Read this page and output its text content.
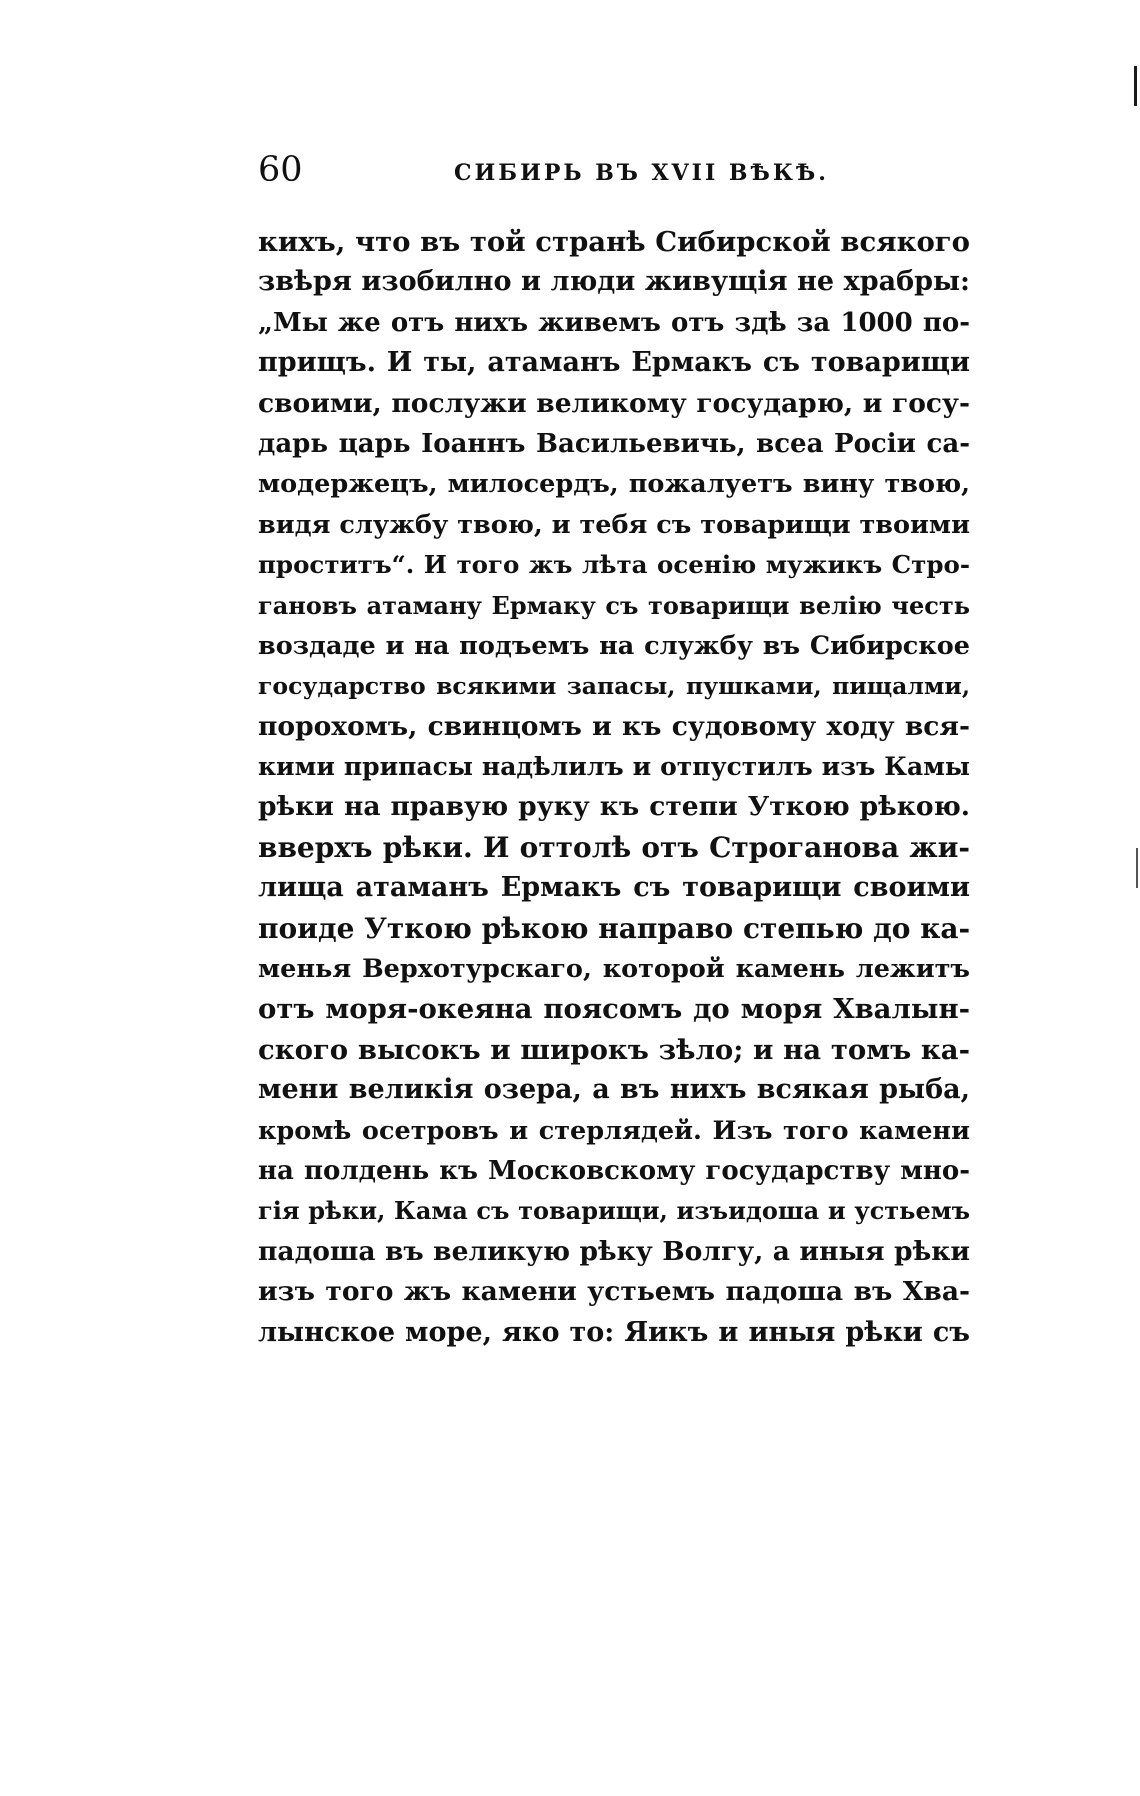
60	СИБИРЬ ВЪ XVII ВѢКѢ.
кихъ, что въ той странѣ Сибирской всякого
звѣря изобилно и люди живущія не храбры:
„Мы же отъ нихъ живемъ отъ здѣ за 1000 по-
прищъ. И ты, атаманъ Ермакъ съ товарищи
своими, послужи великому государю, и госу-
дарь царь Іоаннъ Васильевичь, всеа Росіи са-
модержецъ, милосердъ, пожалуетъ вину твою,
видя службу твою, и тебя съ товарищи твоими
проститъ“. И того жъ лѣта осенію мужикъ Стро-
гановъ атаману Ермаку съ товарищи велію честь
воздаде и на подъемъ на службу въ Сибирское
государство всякими запасы, пушками, пищалми,
порохомъ, свинцомъ и къ судовому ходу вся-
кими припасы надѣлилъ и отпустилъ изъ Камы
рѣки на правую руку къ степи Уткою рѣкою.
вверхъ рѣки. И оттолѣ отъ Строганова жи-
лища атаманъ Ермакъ съ товарищи своими
поиде Уткою рѣкою направо степью до ка-
менья Верхотурскаго, которой камень лежитъ
отъ моря-океяна поясомъ до моря Хвалын-
ского высокъ и широкъ зѣло; и на томъ ка-
мени великія озера, а въ нихъ всякая рыба,
кромѣ осетровъ и стерлядей. Изъ того камени
на полдень къ Московскому государству мно-
гія рѣки, Кама съ товарищи, изъидоша и устьемъ
падоша въ великую рѣку Волгу, а иныя рѣки
изъ того жъ камени устьемъ падоша въ Хва-
лынское море, яко то: Яикъ и иныя рѣки съ
